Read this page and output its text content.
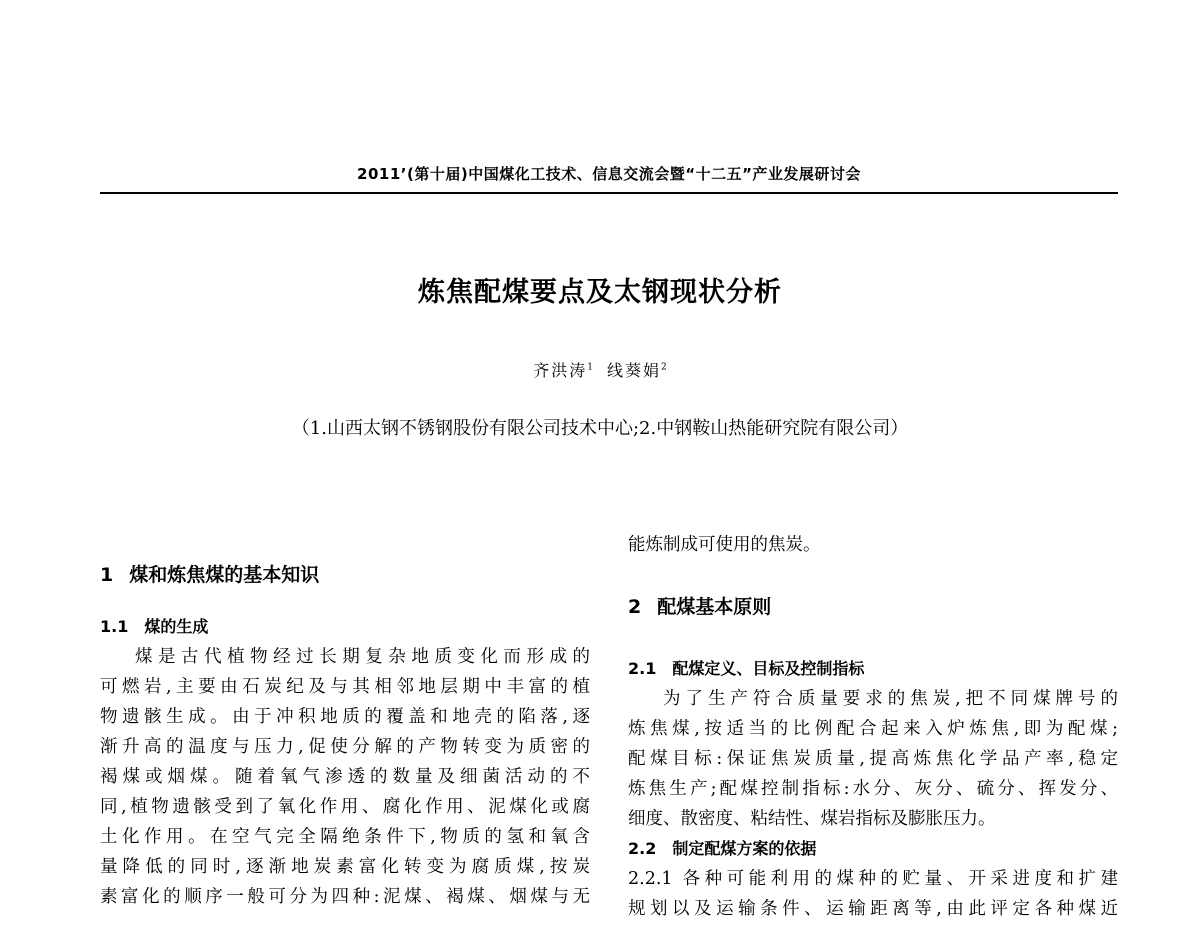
2011’(第十届)中国煤化工技术、信息交流会暨“十二五”产业发展研讨会
炼焦配煤要点及太钢现状分析
齐洪涛$^1$ 线葵娟$^2$
（1.山西太钢不锈钢股份有限公司技术中心;2.中钢鞍山热能研究院有限公司）
1 煤和炼焦煤的基本知识
1.1 煤的生成
煤是古代植物经过长期复杂地质变化而形成的
可燃岩,主要由石炭纪及与其相邻地层期中丰富的植
物遗骸生成。由于冲积地质的覆盖和地壳的陷落,逐
渐升高的温度与压力,促使分解的产物转变为质密的
褐煤或烟煤。随着氧气渗透的数量及细菌活动的不
同,植物遗骸受到了氧化作用、腐化作用、泥煤化或腐
土化作用。在空气完全隔绝条件下,物质的氢和氧含
量降低的同时,逐渐地炭素富化转变为腐质煤,按炭
素富化的顺序一般可分为四种:泥煤、褐煤、烟煤与无
能炼制成可使用的焦炭。
2 配煤基本原则
2.1 配煤定义、目标及控制指标
为了生产符合质量要求的焦炭,把不同煤牌号的
炼焦煤,按适当的比例配合起来入炉炼焦,即为配煤;
配煤目标:保证焦炭质量,提高炼焦化学品产率,稳定
炼焦生产;配煤控制指标:水分、灰分、硫分、挥发分、
细度、散密度、粘结性、煤岩指标及膨胀压力。
2.2 制定配煤方案的依据
2.2.1 各种可能利用的煤种的贮量、开采进度和扩建
规划以及运输条件、运输距离等,由此评定各种煤近
